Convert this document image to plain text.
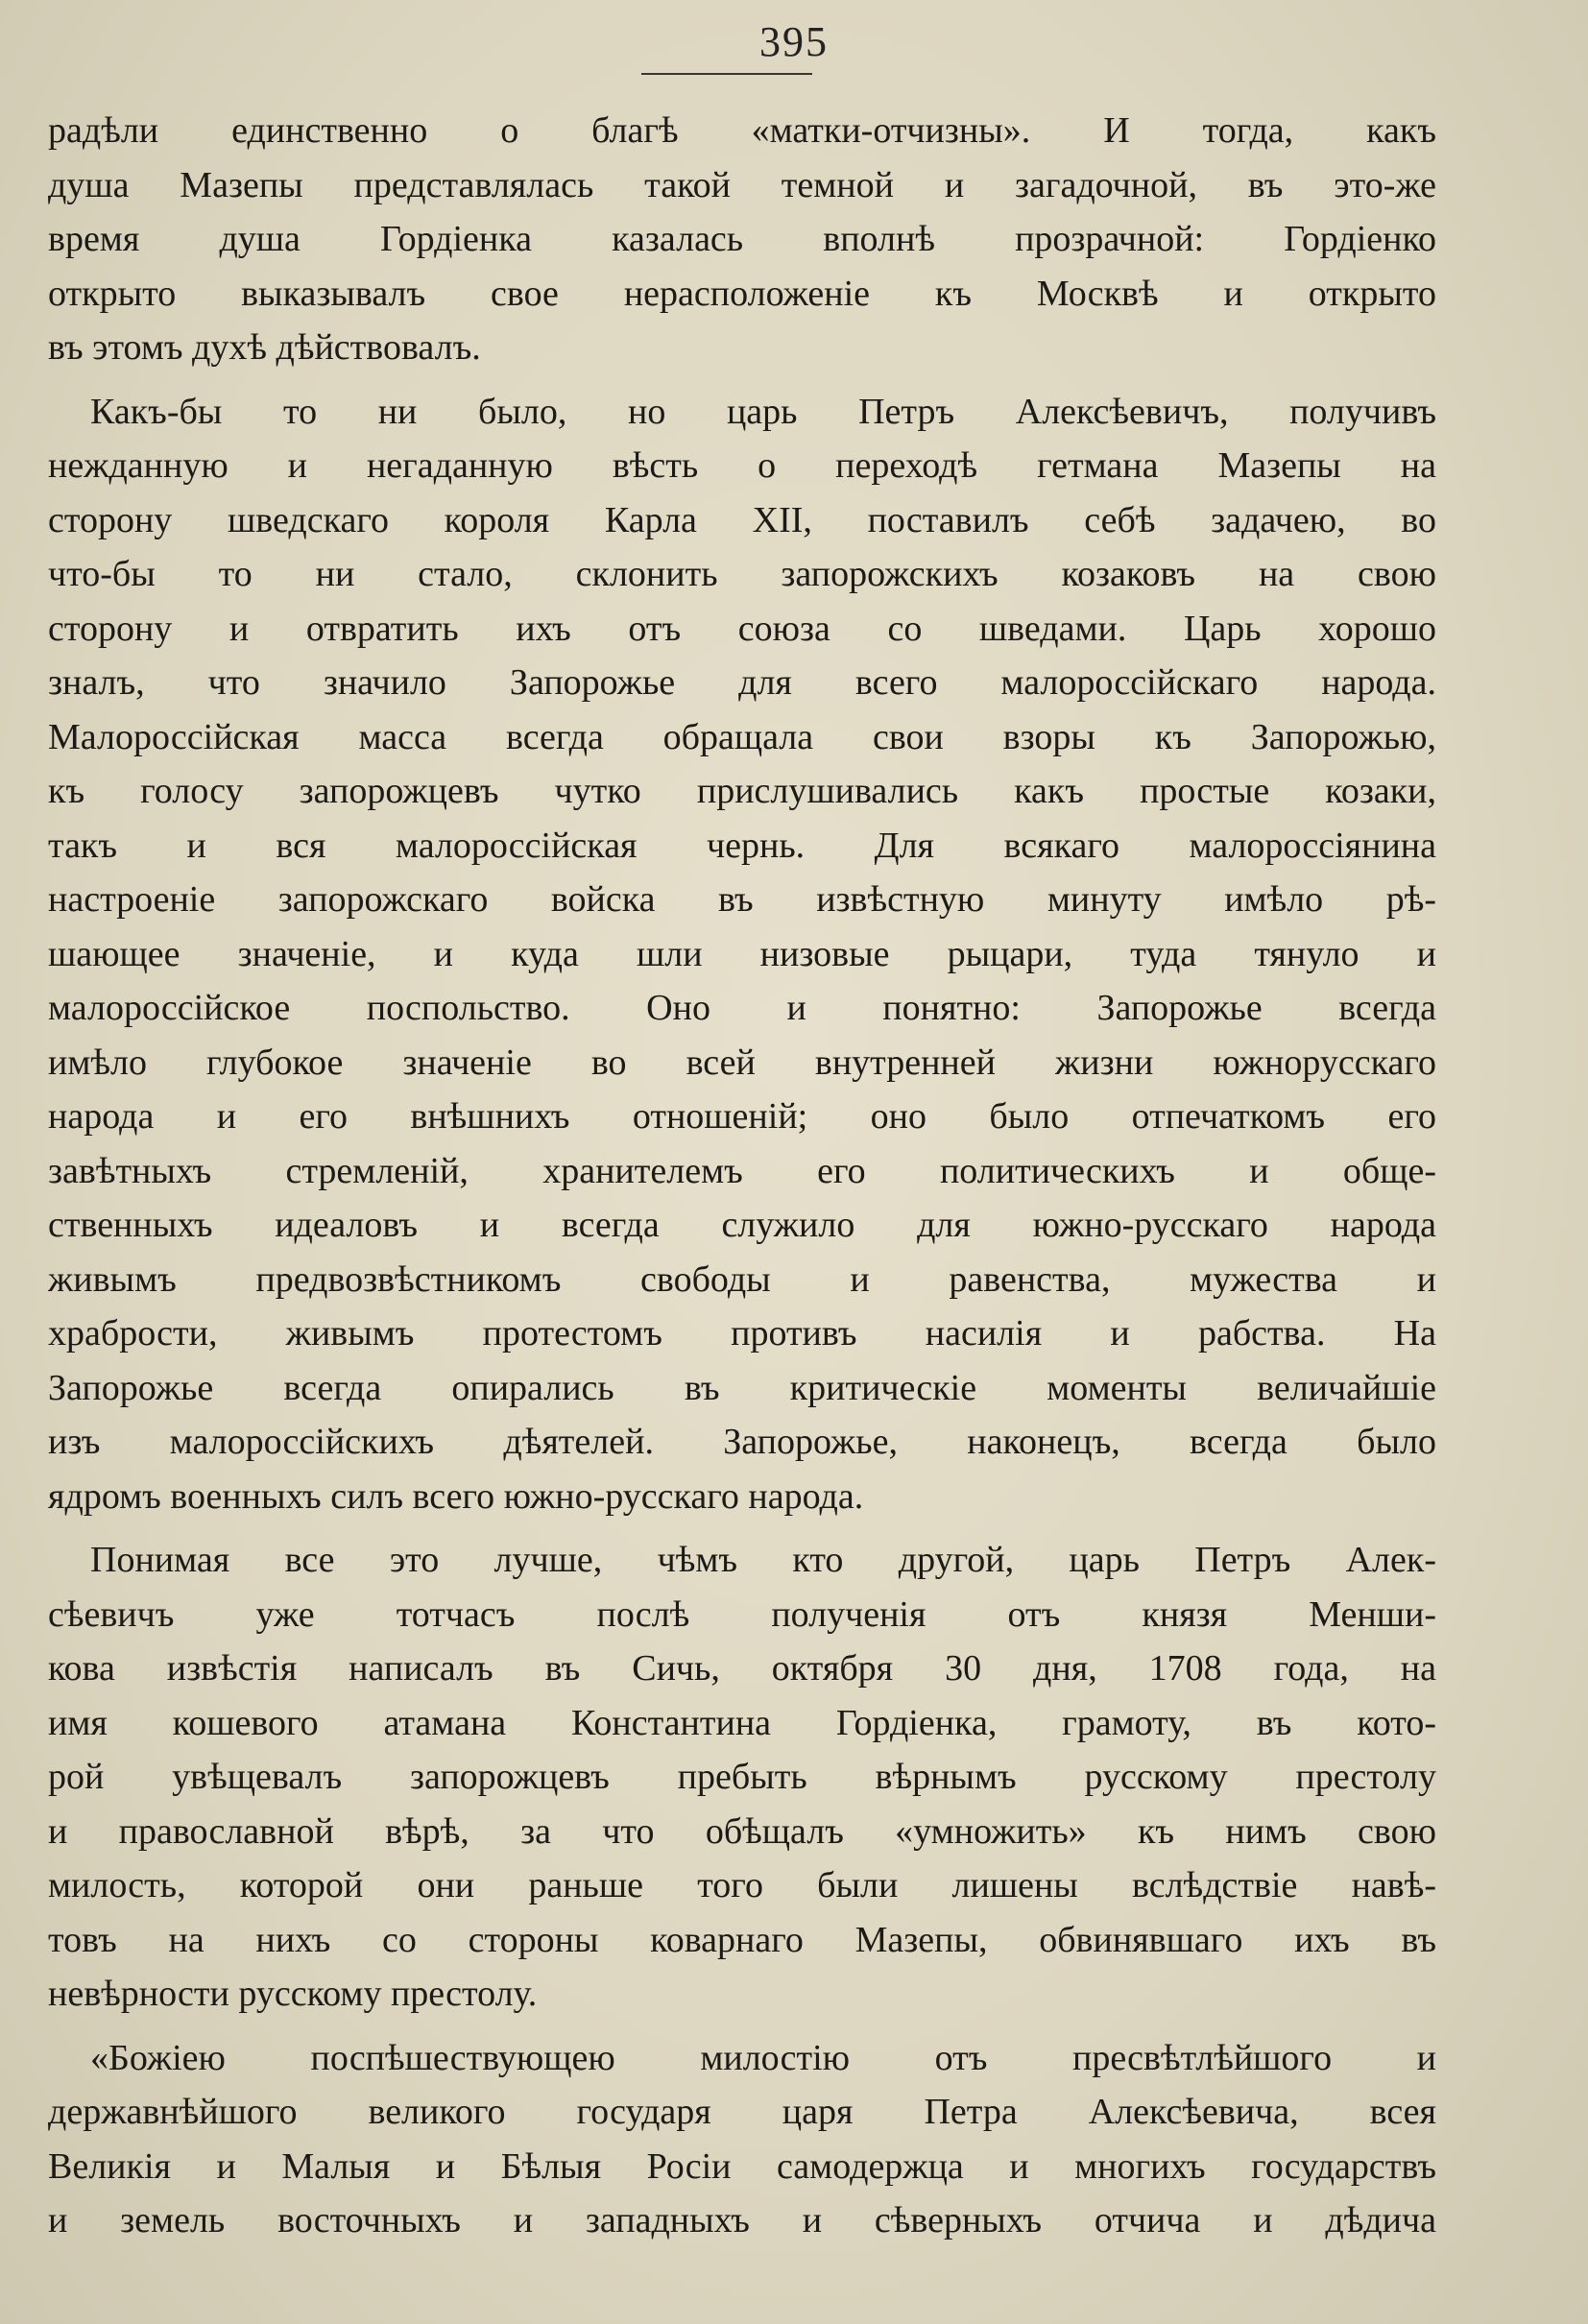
395
радѣли единственно о благѣ «матки-отчизны». И тогда, какъ
душа Мазепы представлялась такой темной и загадочной, въ это-же
время душа Гордіенка казалась вполнѣ прозрачной: Гордіенко
открыто выказывалъ свое нерасположеніе къ Москвѣ и открыто
въ этомъ духѣ дѣйствовалъ.
Какъ-бы то ни было, но царь Петръ Алексѣевичъ, получивъ
нежданную и негаданную вѣсть о переходѣ гетмана Мазепы на
сторону шведскаго короля Карла XII, поставилъ себѣ задачею, во
что-бы то ни стало, склонить запорожскихъ козаковъ на свою
сторону и отвратить ихъ отъ союза со шведами. Царь хорошо
зналъ, что значило Запорожье для всего малороссійскаго народа.
Малороссійская масса всегда обращала свои взоры къ Запорожью,
къ голосу запорожцевъ чутко прислушивались какъ простые козаки,
такъ и вся малороссійская чернь. Для всякаго малороссіянина
настроеніе запорожскаго войска въ извѣстную минуту имѣло рѣ-
шающее значеніе, и куда шли низовые рыцари, туда тянуло и
малороссійское поспольство. Оно и понятно: Запорожье всегда
имѣло глубокое значеніе во всей внутренней жизни южнорусскаго
народа и его внѣшнихъ отношеній; оно было отпечаткомъ его
завѣтныхъ стремленій, хранителемъ его политическихъ и обще-
ственныхъ идеаловъ и всегда служило для южно-русскаго народа
живымъ предвозвѣстникомъ свободы и равенства, мужества и
храбрости, живымъ протестомъ противъ насилія и рабства. На
Запорожье всегда опирались въ критическіе моменты величайшіе
изъ малороссійскихъ дѣятелей. Запорожье, наконецъ, всегда было
ядромъ военныхъ силъ всего южно-русскаго народа.
Понимая все это лучше, чѣмъ кто другой, царь Петръ Алек-
сѣевичъ уже тотчасъ послѣ полученія отъ князя Менши-
кова извѣстія написалъ въ Сичь, октября 30 дня, 1708 года, на
имя кошевого атамана Константина Гордіенка, грамоту, въ кото-
рой увѣщевалъ запорожцевъ пребыть вѣрнымъ русскому престолу
и православной вѣрѣ, за что обѣщалъ «умножить» къ нимъ свою
милость, которой они раньше того были лишены вслѣдствіе навѣ-
товъ на нихъ со стороны коварнаго Мазепы, обвинявшаго ихъ въ
невѣрности русскому престолу.
«Божіею поспѣшествующею милостію отъ пресвѣтлѣйшого и
державнѣйшого великого государя царя Петра Алексѣевича, всея
Великія и Малыя и Бѣлыя Росіи самодержца и многихъ государствъ
и земель восточныхъ и западныхъ и сѣверныхъ отчича и дѣдича
